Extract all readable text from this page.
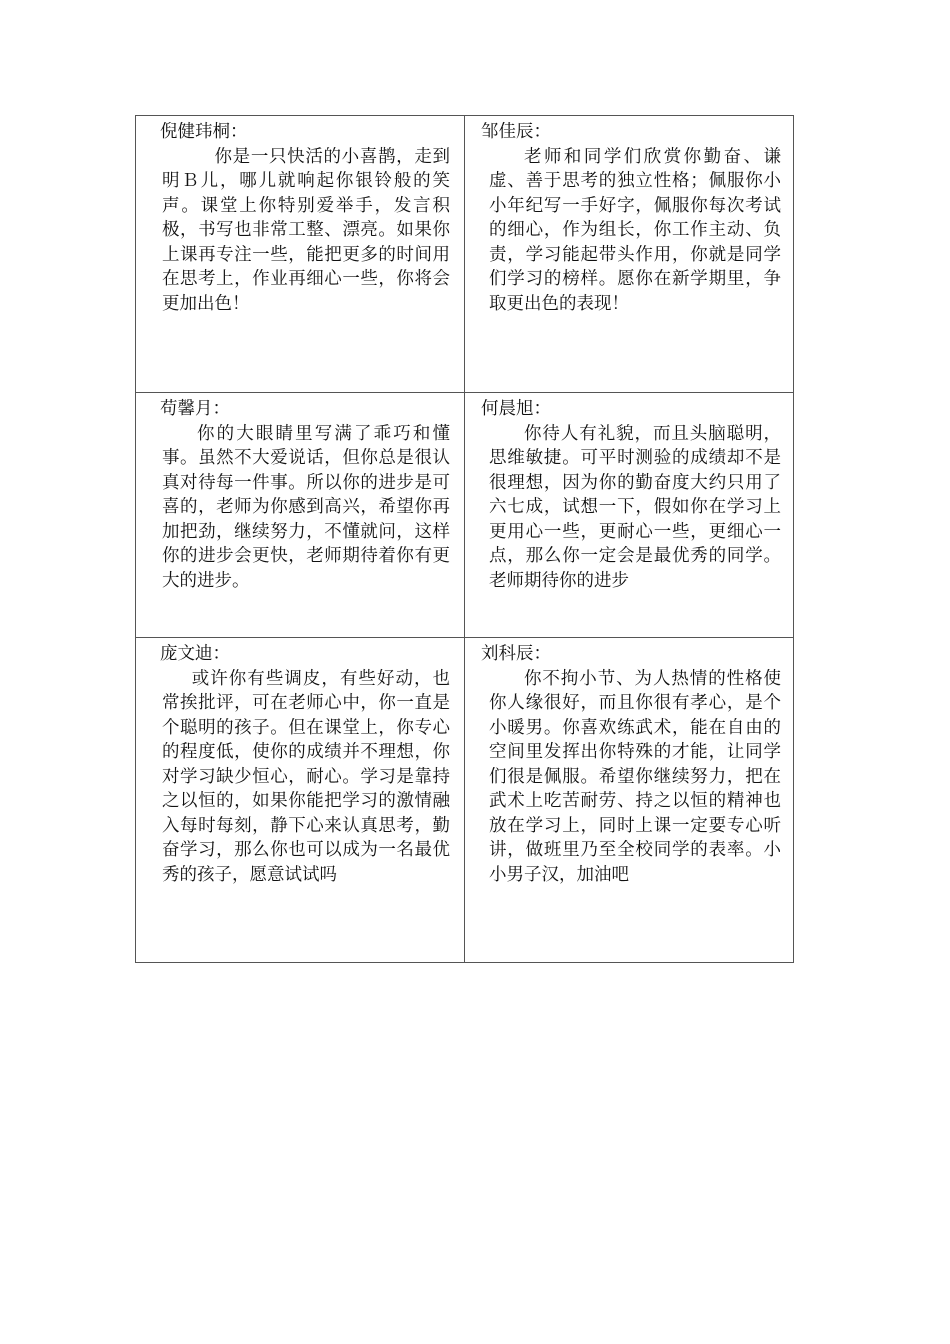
倪健玮桐：

你是一只快活的小喜鹊，走到明Ｂ儿，哪儿就响起你银铃般的笑声。课堂上你特别爱举手，发言积极，书写也非常工整、漂亮。如果你上课再专注一些，能把更多的时间用在思考上，作业再细心一些，你将会更加出色！	邹佳辰：

老师和同学们欣赏你勤奋、谦虚、善于思考的独立性格；佩服你小小年纪写一手好字，佩服你每次考试的细心，作为组长，你工作主动、负责，学习能起带头作用，你就是同学们学习的榜样。愿你在新学期里，争取更出色的表现！

苟馨月：

你的大眼睛里写满了乖巧和懂事。虽然不大爱说话，但你总是很认真对待每一件事。所以你的进步是可喜的，老师为你感到高兴，希望你再加把劲，继续努力，不懂就问，这样你的进步会更快，老师期待着你有更大的进步。	何晨旭：

你待人有礼貌，而且头脑聪明，思维敏捷。可平时测验的成绩却不是很理想，因为你的勤奋度大约只用了六七成，试想一下，假如你在学习上更用心一些，更耐心一些，更细心一点，那么你一定会是最优秀的同学。老师期待你的进步

庞文迪：

或许你有些调皮，有些好动，也常挨批评，可在老师心中，你一直是个聪明的孩子。但在课堂上，你专心的程度低，使你的成绩并不理想，你对学习缺少恒心，耐心。学习是靠持之以恒的，如果你能把学习的激情融入每时每刻，静下心来认真思考，勤奋学习，那么你也可以成为一名最优秀的孩子，愿意试试吗	刘科辰：

你不拘小节、为人热情的性格使你人缘很好，而且你很有孝心，是个小暖男。你喜欢练武术，能在自由的空间里发挥出你特殊的才能，让同学们很是佩服。希望你继续努力，把在武术上吃苦耐劳、持之以恒的精神也放在学习上，同时上课一定要专心听讲，做班里乃至全校同学的表率。小小男子汉，加油吧
